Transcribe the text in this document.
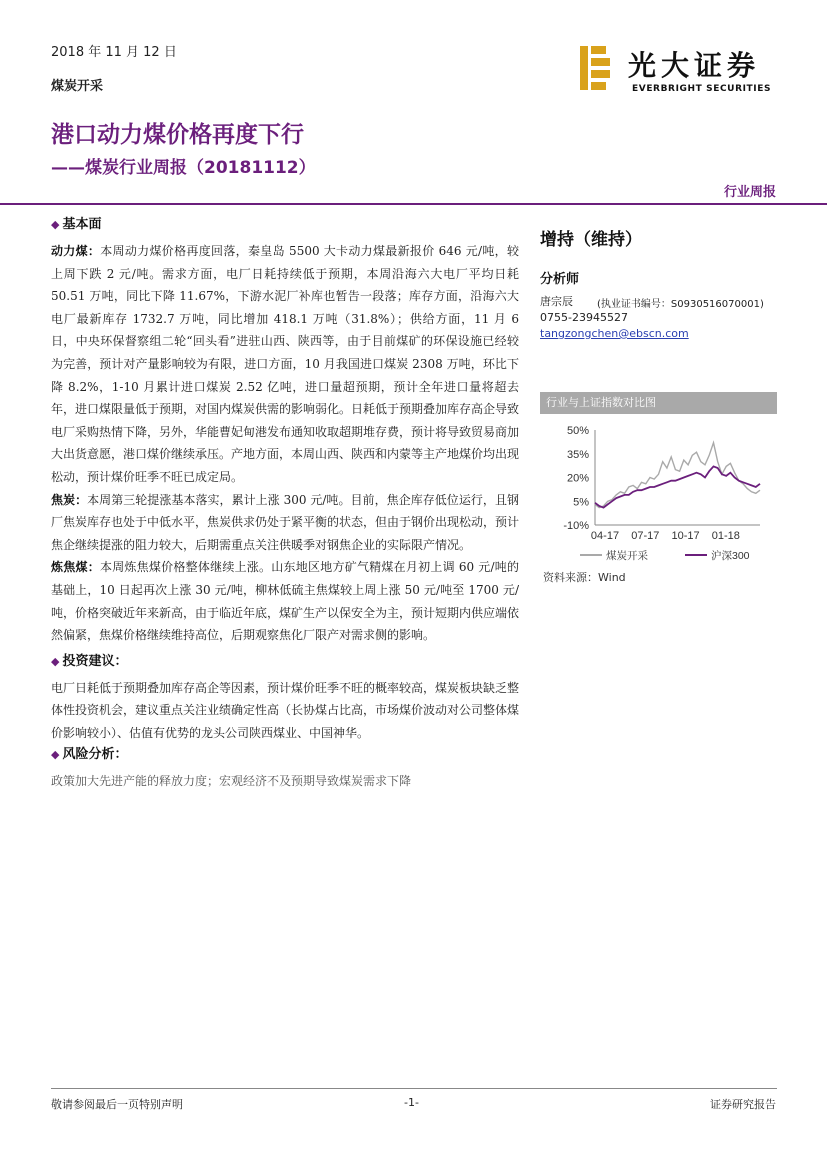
2018 年 11 月 12 日
煤炭开采
光大证券
EVERBRIGHT SECURITIES
港口动力煤价格再度下行
——煤炭行业周报（20181112）
行业周报
◆ 基本面

动力煤：本周动力煤价格再度回落，秦皇岛 5500 大卡动力煤最新报价 646 元/吨，较上周下跌 2 元/吨。需求方面，电厂日耗持续低于预期，本周沿海六大电厂平均日耗 50.51 万吨，同比下降 11.67%，下游水泥厂补库也暂告一段落；库存方面，沿海六大电厂最新库存 1732.7 万吨，同比增加 418.1 万吨（31.8%）；供给方面，11 月 6 日，中央环保督察组二轮“回头看”进驻山西、陕西等，由于目前煤矿的环保设施已经较为完善，预计对产量影响较为有限，进口方面，10 月我国进口煤炭 2308 万吨，环比下降 8.2%，1-10 月累计进口煤炭 2.52 亿吨，进口量超预期，预计全年进口量将超去年，进口煤限量低于预期，对国内煤炭供需的影响弱化。日耗低于预期叠加库存高企导致电厂采购热情下降，另外，华能曹妃甸港发布通知收取超期堆存费，预计将导致贸易商加大出货意愿，港口煤价继续承压。产地方面，本周山西、陕西和内蒙等主产地煤价均出现松动，预计煤价旺季不旺已成定局。

焦炭：本周第三轮提涨基本落实，累计上涨 300 元/吨。目前，焦企库存低位运行，且钢厂焦炭库存也处于中低水平，焦炭供求仍处于紧平衡的状态，但由于钢价出现松动，预计焦企继续提涨的阻力较大，后期需重点关注供暖季对钢焦企业的实际限产情况。

炼焦煤：本周炼焦煤价格整体继续上涨。山东地区地方矿气精煤在月初上调 60 元/吨的基础上，10 日起再次上涨 30 元/吨，柳林低硫主焦煤较上周上涨 50 元/吨至 1700 元/吨，价格突破近年来新高，由于临近年底，煤矿生产以保安全为主，预计短期内供应端依然偏紧，焦煤价格继续维持高位，后期观察焦化厂限产对需求侧的影响。

◆ 投资建议：

电厂日耗低于预期叠加库存高企等因素，预计煤价旺季不旺的概率较高，煤炭板块缺乏整体性投资机会，建议重点关注业绩确定性高（长协煤占比高，市场煤价波动对公司整体煤价影响较小）、估值有优势的龙头公司陕西煤业、中国神华。

◆ 风险分析：

政策加大先进产能的释放力度；宏观经济不及预期导致煤炭需求下降

增持（维持）
分析师
唐宗辰	(执业证书编号：S0930516070001)
0755-23945527
tangzongchen@ebscn.com
行业与上证指数对比图
50%
35%
20%
5%
-10%
04-17 07-17 10-17 01-18
煤炭开采	沪深300
资料来源：Wind
敬请参阅最后一页特别声明	-1-	证券研究报告
